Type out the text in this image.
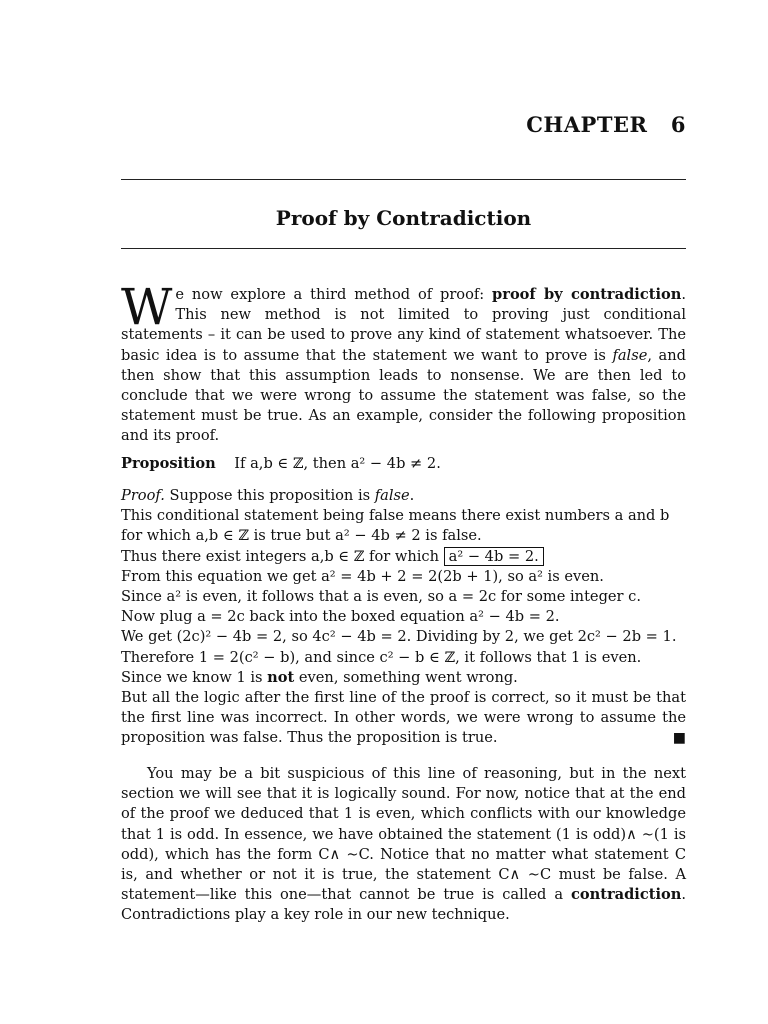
CHAPTER 6
Proof by Contradiction
We now explore a third method of proof: proof by contradiction. This new method is not limited to proving just conditional statements – it can be used to prove any kind of statement whatsoever. The basic idea is to assume that the statement we want to prove is false, and then show that this assumption leads to nonsense. We are then led to conclude that we were wrong to assume the statement was false, so the statement must be true. As an example, consider the following proposition and its proof.
Proposition If a,b ∈ ℤ, then a² − 4b ≠ 2.
Proof. Suppose this proposition is false.
This conditional statement being false means there exist numbers a and b
for which a,b ∈ ℤ is true but a² − 4b ≠ 2 is false.
Thus there exist integers a,b ∈ ℤ for which a² − 4b = 2.
From this equation we get a² = 4b + 2 = 2(2b + 1), so a² is even.
Since a² is even, it follows that a is even, so a = 2c for some integer c.
Now plug a = 2c back into the boxed equation a² − 4b = 2.
We get (2c)² − 4b = 2, so 4c² − 4b = 2. Dividing by 2, we get 2c² − 2b = 1.
Therefore 1 = 2(c² − b), and since c² − b ∈ ℤ, it follows that 1 is even.
Since we know 1 is not even, something went wrong.
But all the logic after the first line of the proof is correct, so it must be that the first line was incorrect. In other words, we were wrong to assume the proposition was false. Thus the proposition is true.	■
You may be a bit suspicious of this line of reasoning, but in the next section we will see that it is logically sound. For now, notice that at the end of the proof we deduced that 1 is even, which conflicts with our knowledge that 1 is odd. In essence, we have obtained the statement (1 is odd)∧ ∼(1 is odd), which has the form C∧ ∼C. Notice that no matter what statement C is, and whether or not it is true, the statement C∧ ∼C must be false. A statement—like this one—that cannot be true is called a contradiction. Contradictions play a key role in our new technique.
